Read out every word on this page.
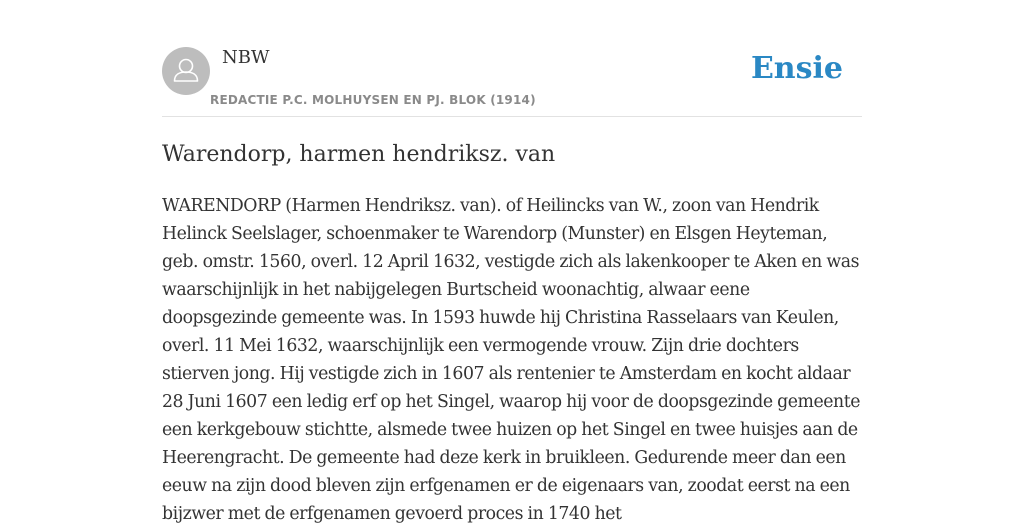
NBW
REDACTIE P.C. MOLHUYSEN EN PJ. BLOK (1914)
Ensie
Warendorp, harmen hendriksz. van

WARENDORP (Harmen Hendriksz. van). of Heilincks van W., zoon van Hendrik Helinck Seelslager, schoenmaker te Warendorp (Munster) en Elsgen Heyteman, geb. omstr. 1560, overl. 12 April 1632, vestigde zich als lakenkooper te Aken en was waarschijnlijk in het nabijgelegen Burtscheid woonachtig, alwaar eene doopsgezinde gemeente was. In 1593 huwde hij Christina Rasselaars van Keulen, overl. 11 Mei 1632, waarschijnlijk een vermogende vrouw. Zijn drie dochters stierven jong. Hij vestigde zich in 1607 als rentenier te Amsterdam en kocht aldaar 28 Juni 1607 een ledig erf op het Singel, waarop hij voor de doopsgezinde gemeente een kerkgebouw stichtte, alsmede twee huizen op het Singel en twee huisjes aan de Heerengracht. De gemeente had deze kerk in bruikleen. Gedurende meer dan een eeuw na zijn dood bleven zijn erfgenamen er de eigenaars van, zoodat eerst na een bijzwer met de erfgenamen gevoerd proces in 1740 het
